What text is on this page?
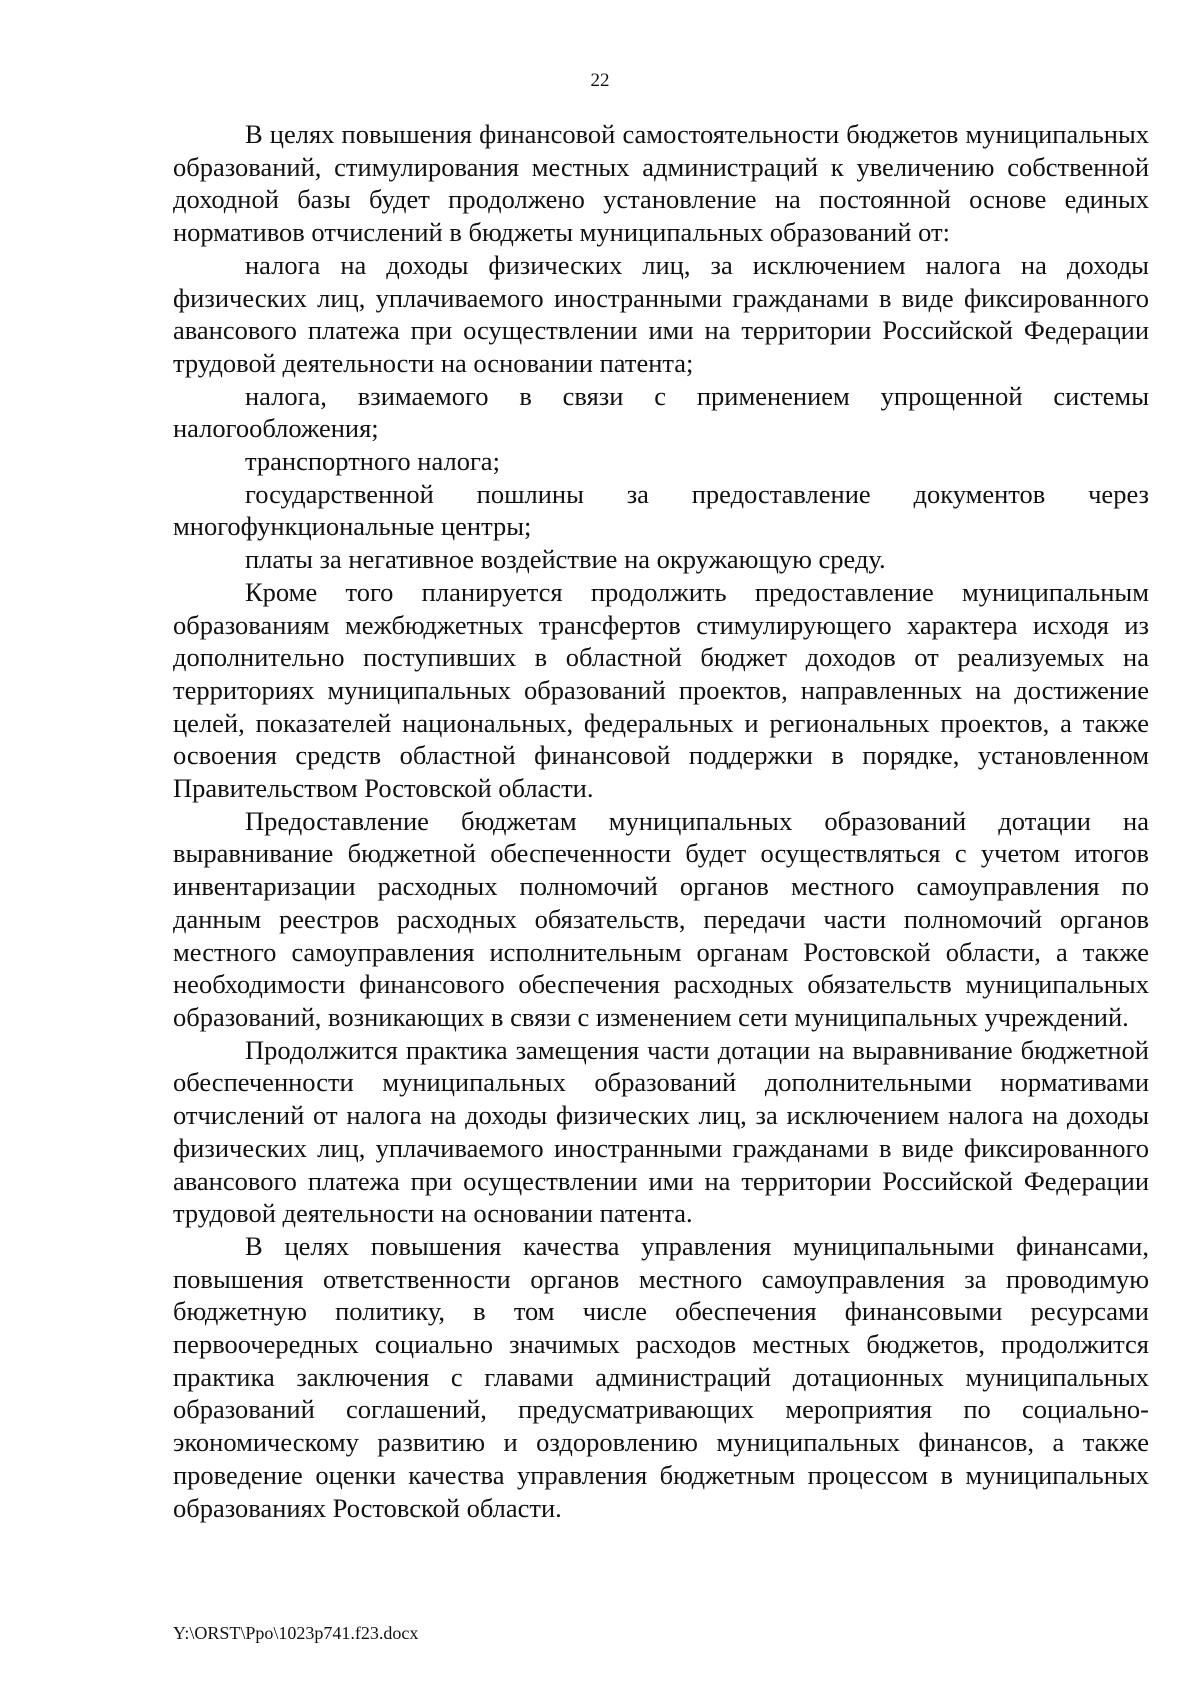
22

В целях повышения финансовой самостоятельности бюджетов муниципальных образований, стимулирования местных администраций к увеличению собственной доходной базы будет продолжено установление на постоянной основе единых нормативов отчислений в бюджеты муниципальных образований от:

налога на доходы физических лиц, за исключением налога на доходы физических лиц, уплачиваемого иностранными гражданами в виде фиксированного авансового платежа при осуществлении ими на территории Российской Федерации трудовой деятельности на основании патента;

налога, взимаемого в связи с применением упрощенной системы налогообложения;

транспортного налога;

государственной пошлины за предоставление документов через многофункциональные центры;

платы за негативное воздействие на окружающую среду.

Кроме того планируется продолжить предоставление муниципальным образованиям межбюджетных трансфертов стимулирующего характера исходя из дополнительно поступивших в областной бюджет доходов от реализуемых на территориях муниципальных образований проектов, направленных на достижение целей, показателей национальных, федеральных и региональных проектов, а также освоения средств областной финансовой поддержки в порядке, установленном Правительством Ростовской области.

Предоставление бюджетам муниципальных образований дотации на выравнивание бюджетной обеспеченности будет осуществляться с учетом итогов инвентаризации расходных полномочий органов местного самоуправления по данным реестров расходных обязательств, передачи части полномочий органов местного самоуправления исполнительным органам Ростовской области, а также необходимости финансового обеспечения расходных обязательств муниципальных образований, возникающих в связи с изменением сети муниципальных учреждений.

Продолжится практика замещения части дотации на выравнивание бюджетной обеспеченности муниципальных образований дополнительными нормативами отчислений от налога на доходы физических лиц, за исключением налога на доходы физических лиц, уплачиваемого иностранными гражданами в виде фиксированного авансового платежа при осуществлении ими на территории Российской Федерации трудовой деятельности на основании патента.

В целях повышения качества управления муниципальными финансами, повышения ответственности органов местного самоуправления за проводимую бюджетную политику, в том числе обеспечения финансовыми ресурсами первоочередных социально значимых расходов местных бюджетов, продолжится практика заключения с главами администраций дотационных муниципальных образований соглашений, предусматривающих мероприятия по социально-экономическому развитию и оздоровлению муниципальных финансов, а также проведение оценки качества управления бюджетным процессом в муниципальных образованиях Ростовской области.

Y:\ORST\Ppo\1023p741.f23.docx
